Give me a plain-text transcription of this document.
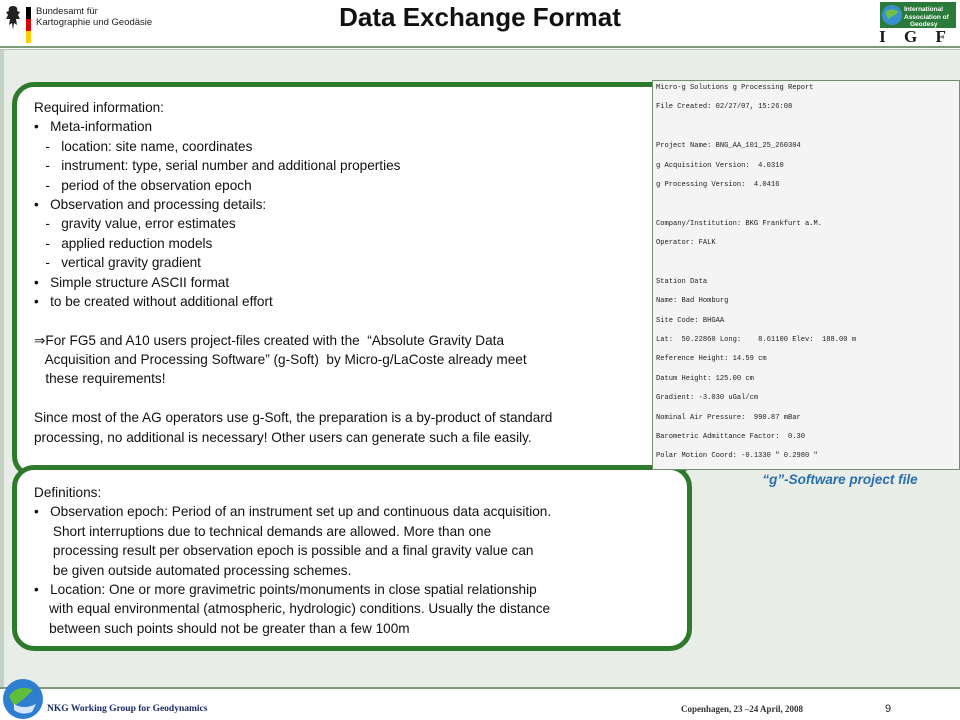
Bundesamt für
Kartographie und Geodäsie	Data Exchange Format	International
Association of
Geodesy
I G F
Required information:
•   Meta-information
-   location: site name, coordinates
-   instrument: type, serial number and additional properties
-   period of the observation epoch
•   Observation and processing details:
-   gravity value, error estimates
-   applied reduction models
-   vertical gravity gradient
•   Simple structure ASCII format
•   to be created without additional effort
⇒For FG5 and A10 users project-files created with the  “Absolute Gravity Data
Acquisition and Processing Software” (g-Soft)  by Micro-g/LaCoste already meet
these requirements!
Since most of the AG operators use g-Soft, the preparation is a by-product of standard
processing, no additional is necessary! Other users can generate such a file easily.
Definitions:
•   Observation epoch: Period of an instrument set up and continuous data acquisition.
Short interruptions due to technical demands are allowed. More than one
processing result per observation epoch is possible and a final gravity value can
be given outside automated processing schemes.
•   Location: One or more gravimetric points/monuments in close spatial relationship
with equal environmental (atmospheric, hydrologic) conditions. Usually the distance
between such points should not be greater than a few 100m
Micro-g Solutions g Processing Report
File Created: 02/27/07, 15:26:08
Project Name: BNG_AA_101_25_260304
g Acquisition Version:  4.0310
g Processing Version:  4.0416
Company/Institution: BKG Frankfurt a.M.
Operator: FALK
Station Data
Name: Bad Homburg
Site Code: BHGAA
Lat:  50.22860 Long:    8.61100 Elev:  188.00 m
Reference Height: 14.59 cm
Datum Height: 125.00 cm
Gradient: -3.030 uGal/cm
Nominal Air Pressure:  990.87 mBar
Barometric Admittance Factor:  0.30
Polar Motion Coord: -0.1330 " 0.2980 "
“g”-Software project file
NKG Working Group for Geodynamics	Copenhagen, 23 –24 April, 2008	9
